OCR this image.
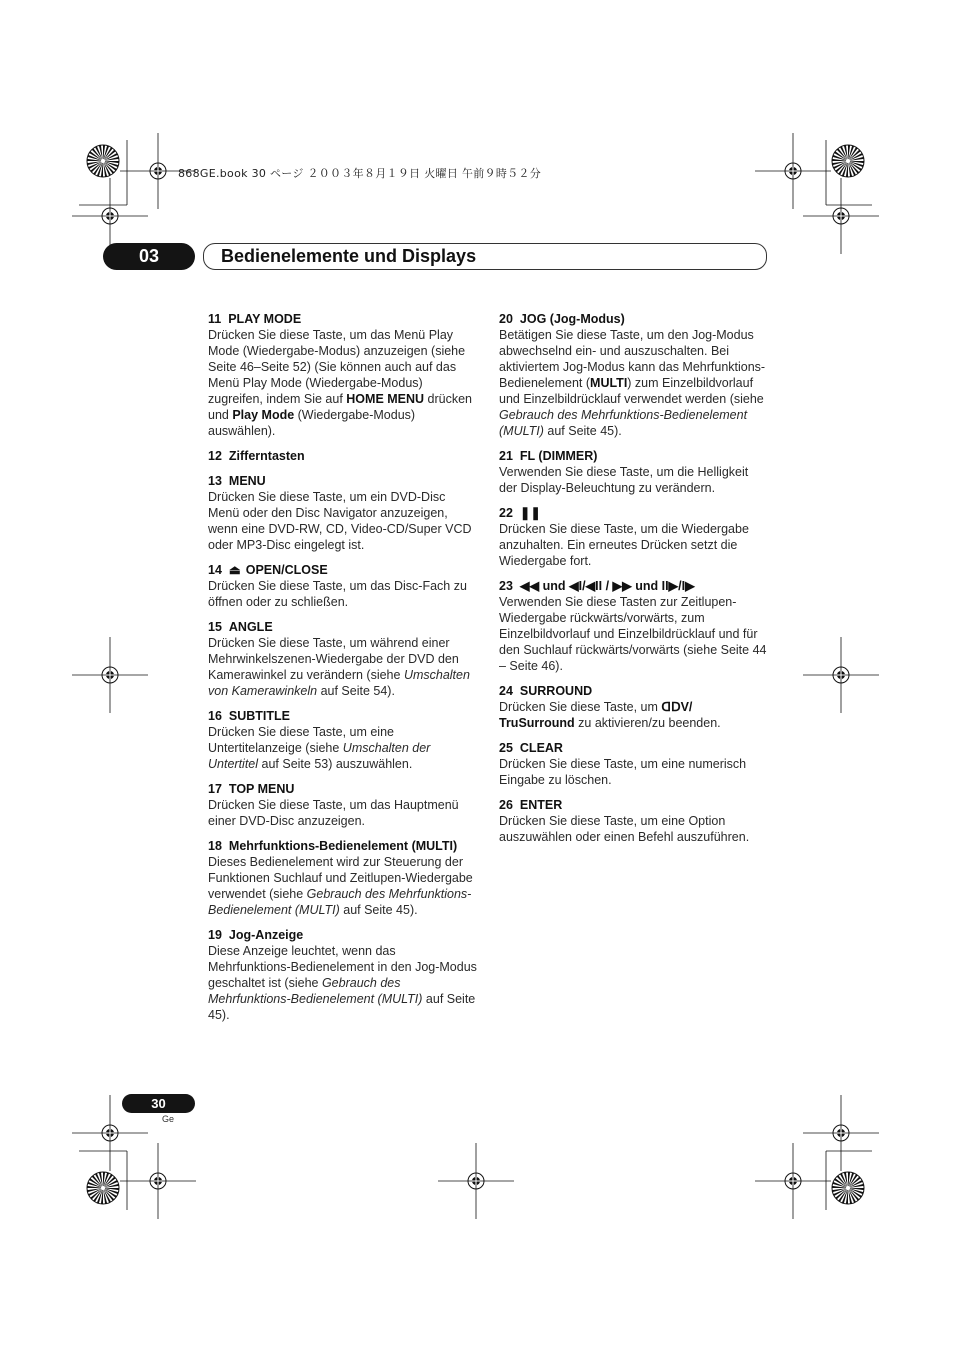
868GE.book 30 ページ ２００３年８月１９日 火曜日 午前９時５２分
03	Bedienelemente und Displays
11 PLAY MODE
Drücken Sie diese Taste, um das Menü Play Mode (Wiedergabe-Modus) anzuzeigen (siehe Seite 46–Seite 52) (Sie können auch auf das Menü Play Mode (Wiedergabe-Modus) zugreifen, indem Sie auf HOME MENU drücken und Play Mode (Wiedergabe-Modus) auswählen).
12 Zifferntasten
13 MENU
Drücken Sie diese Taste, um ein DVD-Disc Menü oder den Disc Navigator anzuzeigen, wenn eine DVD-RW, CD, Video-CD/Super VCD oder MP3-Disc eingelegt ist.
14 ⏏ OPEN/CLOSE
Drücken Sie diese Taste, um das Disc-Fach zu öffnen oder zu schließen.
15 ANGLE
Drücken Sie diese Taste, um während einer Mehrwinkelszenen-Wiedergabe der DVD den Kamerawinkel zu verändern (siehe Umschalten von Kamerawinkeln auf Seite 54).
16 SUBTITLE
Drücken Sie diese Taste, um eine Untertitelanzeige (siehe Umschalten der Untertitel auf Seite 53) auszuwählen.
17 TOP MENU
Drücken Sie diese Taste, um das Hauptmenü einer DVD-Disc anzuzeigen.
18 Mehrfunktions-Bedienelement (MULTI)
Dieses Bedienelement wird zur Steuerung der Funktionen Suchlauf und Zeitlupen-Wiedergabe verwendet (siehe Gebrauch des Mehrfunktions-Bedienelement (MULTI) auf Seite 45).
19 Jog-Anzeige
Diese Anzeige leuchtet, wenn das Mehrfunktions-Bedienelement in den Jog-Modus geschaltet ist (siehe Gebrauch des Mehrfunktions-Bedienelement (MULTI) auf Seite 45).
20 JOG (Jog-Modus)
Betätigen Sie diese Taste, um den Jog-Modus abwechselnd ein- und auszuschalten. Bei aktiviertem Jog-Modus kann das Mehrfunktions-Bedienelement (MULTI) zum Einzelbildvorlauf und Einzelbildrücklauf verwendet werden (siehe Gebrauch des Mehrfunktions-Bedienelement (MULTI) auf Seite 45).
21 FL (DIMMER)
Verwenden Sie diese Taste, um die Helligkeit der Display-Beleuchtung zu verändern.
22 ❚❚
Drücken Sie diese Taste, um die Wiedergabe anzuhalten. Ein erneutes Drücken setzt die Wiedergabe fort.
23 ◀◀ und ◀I/◀II / ▶▶ und II▶/I▶
Verwenden Sie diese Tasten zur Zeitlupen-Wiedergabe rückwärts/vorwärts, zum Einzelbildvorlauf und Einzelbildrücklauf und für den Suchlauf rückwärts/vorwärts (siehe Seite 44 – Seite 46).
24 SURROUND
Drücken Sie diese Taste, um ᗡᗞV/ TruSurround zu aktivieren/zu beenden.
25 CLEAR
Drücken Sie diese Taste, um eine numerisch Eingabe zu löschen.
26 ENTER
Drücken Sie diese Taste, um eine Option auszuwählen oder einen Befehl auszuführen.
30
Ge
